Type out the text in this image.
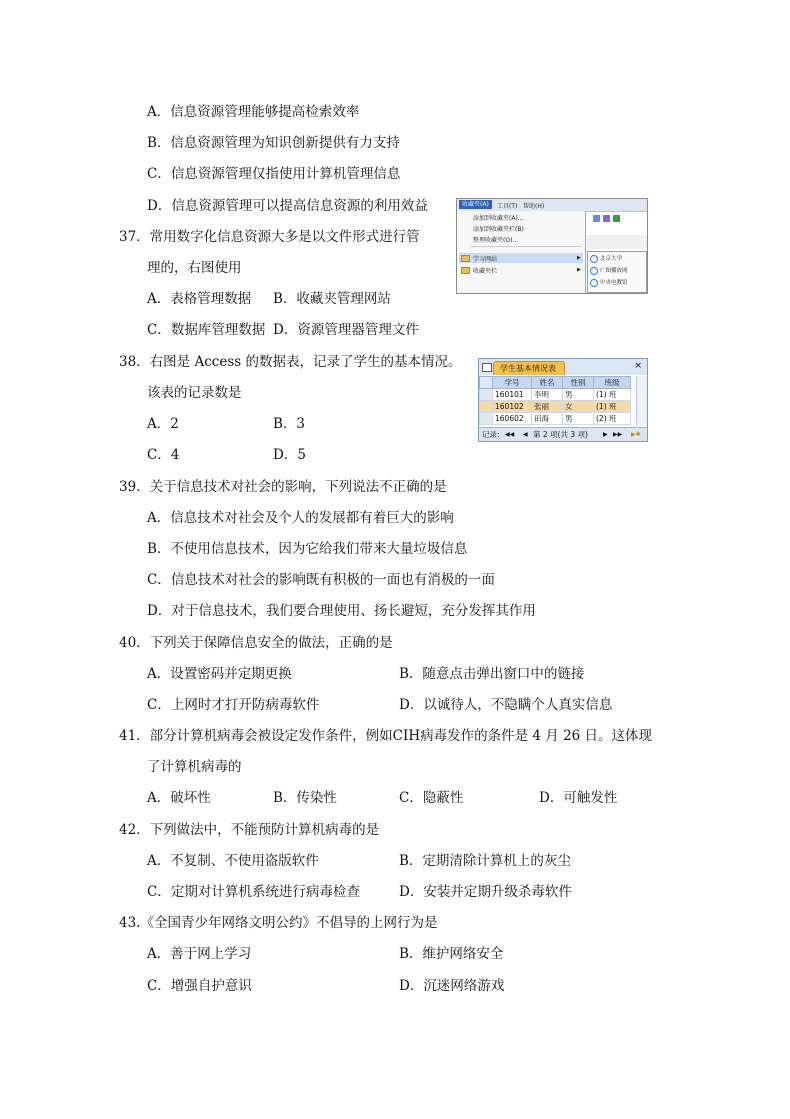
A．信息资源管理能够提高检索效率
B．信息资源管理为知识创新提供有力支持
C．信息资源管理仅指使用计算机管理信息
D．信息资源管理可以提高信息资源的利用效益
37．常用数字化信息资源大多是以文件形式进行管
理的，右图使用
A．表格管理数据 B．收藏夹管理网站
C．数据库管理数据 D．资源管理器管理文件
收藏夹(A)	工具(T) 帮助(H)
添加到收藏夹(A)...
添加到收藏夹栏(B)
整理收藏夹(O)...
学习网站	▶
收藏夹栏	▶
北京大学
广图播放网
中央电教馆
38．右图是 Access 的数据表，记录了学生的基本情况。
该表的记录数是
A．2	B．3
C．4	D．5
学生基本情况表	×
	学号	姓名	性别	班级
	160101	李明	男	(1) 班
	160102	张丽	女	(1) 班
	160602	田海	男	(2) 班
记录: ◀◀ ◀ 第 2 项(共 3 项)	▶ ▶▶ ▶✱
39．关于信息技术对社会的影响，下列说法不正确的是
A．信息技术对社会及个人的发展都有着巨大的影响
B．不使用信息技术，因为它给我们带来大量垃圾信息
C．信息技术对社会的影响既有积极的一面也有消极的一面
D．对于信息技术，我们要合理使用、扬长避短，充分发挥其作用
40．下列关于保障信息安全的做法，正确的是
A．设置密码并定期更换	B．随意点击弹出窗口中的链接
C．上网时才打开防病毒软件	D．以诚待人，不隐瞒个人真实信息
41．部分计算机病毒会被设定发作条件，例如CIH病毒发作的条件是 4 月 26 日。这体现
了计算机病毒的
A．破坏性	B．传染性	C．隐蔽性	D．可触发性
42．下列做法中，不能预防计算机病毒的是
A．不复制、不使用盗版软件	B．定期清除计算机上的灰尘
C．定期对计算机系统进行病毒检查	D．安装并定期升级杀毒软件
43.《全国青少年网络文明公约》不倡导的上网行为是
A．善于网上学习	B．维护网络安全
C．增强自护意识	D．沉迷网络游戏
